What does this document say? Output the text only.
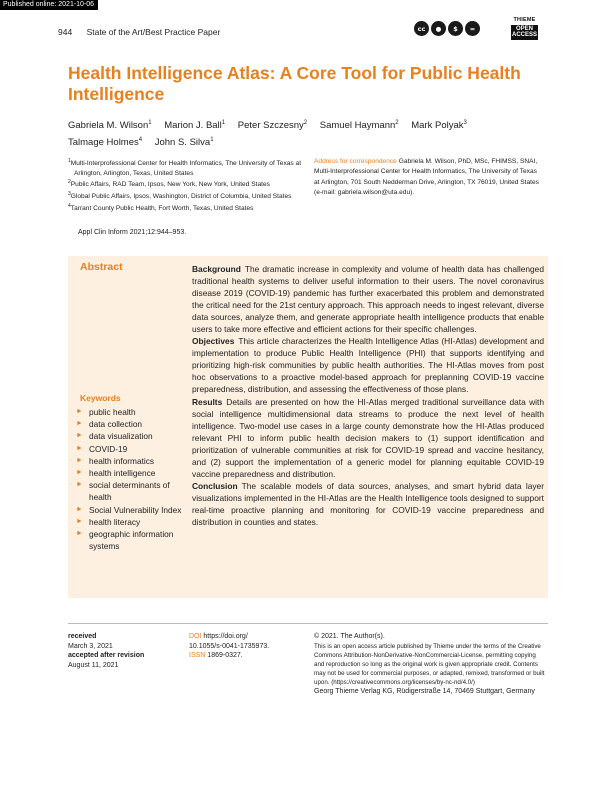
Published online: 2021-10-06
944 State of the Art/Best Practice Paper	cc	●	$	=
THIEME
OPEN ACCESS
Health Intelligence Atlas: A Core Tool for Public Health Intelligence
Gabriela M. Wilson$^1$ Marion J. Ball$^1$ Peter Szczesny$^2$ Samuel Haymann$^2$ Mark Polyak$^3$
Talmage Holmes$^4$ John S. Silva$^1$
$^1$Multi-Interprofessional Center for Health Informatics, The University of Texas at Arlington, Arlington, Texas, United States
$^2$Public Affairs, RAD Team, Ipsos, New York, New York, United States
$^3$Global Public Affairs, Ipsos, Washington, District of Columbia, United States
$^4$Tarrant County Public Health, Fort Worth, Texas, United States
Address for correspondence Gabriela M. Wilson, PhD, MSc, FHIMSS, SNAI, Multi-Interprofessional Center for Health Informatics, The University of Texas at Arlington, 701 South Nedderman Drive, Arlington, TX 76019, United States (e-mail: gabriela.wilson@uta.edu).
Appl Clin Inform 2021;12:944–953.
Abstract	Background The dramatic increase in complexity and volume of health data has challenged traditional health systems to deliver useful information to their users. The novel coronavirus disease 2019 (COVID-19) pandemic has further exacerbated this problem and demonstrated the critical need for the 21st century approach. This approach needs to ingest relevant, diverse data sources, analyze them, and generate appropriate health intelligence products that enable users to take more effective and efficient actions for their specific challenges.

Objectives This article characterizes the Health Intelligence Atlas (HI-Atlas) development and implementation to produce Public Health Intelligence (PHI) that supports identifying and prioritizing high-risk communities by public health authorities. The HI-Atlas moves from post hoc observations to a proactive model-based approach for preplanning COVID-19 vaccine preparedness, distribution, and assessing the effectiveness of those plans.

Results Details are presented on how the HI-Atlas merged traditional surveillance data with social intelligence multidimensional data streams to produce the next level of health intelligence. Two-model use cases in a large county demonstrate how the HI-Atlas produced relevant PHI to inform public health decision makers to (1) support identification and prioritization of vulnerable communities at risk for COVID-19 spread and vaccine hesitancy, and (2) support the implementation of a generic model for planning equitable COVID-19 vaccine preparedness and distribution.

Conclusion The scalable models of data sources, analyses, and smart hybrid data layer visualizations implemented in the HI-Atlas are the Health Intelligence tools designed to support real-time proactive planning and monitoring for COVID-19 vaccine preparedness and distribution in counties and states.

Keywords
► public health
► data collection
► data visualization
► COVID-19
► health informatics
► health intelligence
► social determinants of health
► Social Vulnerability Index
► health literacy
► geographic information systems
received
March 3, 2021
accepted after revision
August 11, 2021
DOI https://doi.org/
10.1055/s-0041-1735973.
ISSN 1869-0327.
© 2021. The Author(s).
This is an open access article published by Thieme under the terms of the Creative Commons Attribution-NonDerivative-NonCommercial-License, permitting copying and reproduction so long as the original work is given appropriate credit. Contents may not be used for commercial purposes, or adapted, remixed, transformed or built upon. (https://creativecommons.org/licenses/by-nc-nd/4.0/)
Georg Thieme Verlag KG, Rüdigerstraße 14, 70469 Stuttgart, Germany
